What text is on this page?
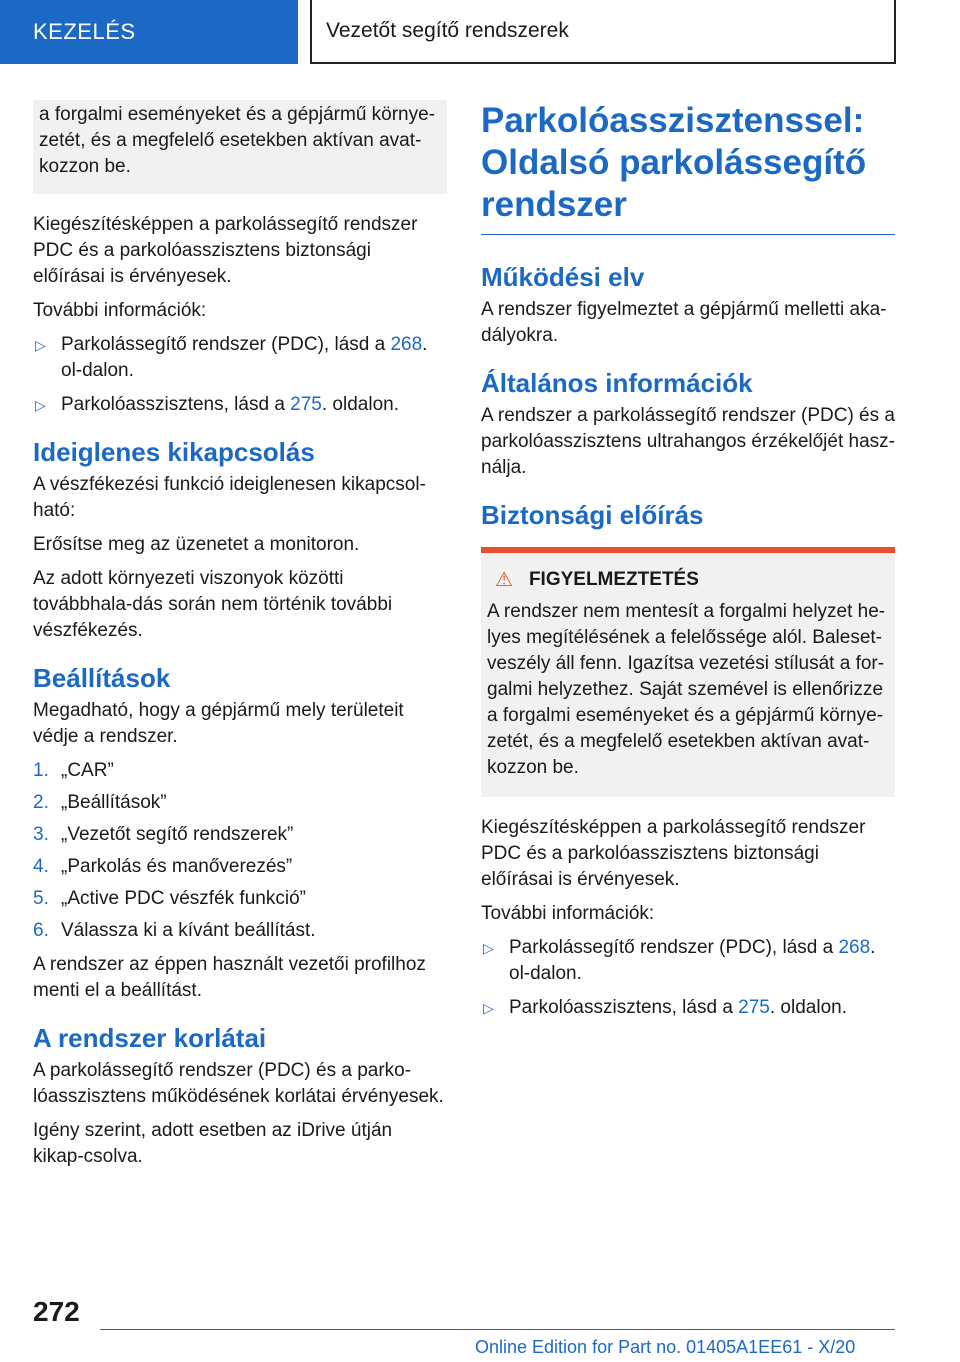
KEZELÉS	Vezetőt segítő rendszerek

a forgalmi eseményeket és a gépjármű környe-zetét, és a megfelelő esetekben aktívan avat-kozzon be.

Kiegészítésképpen a parkolássegítő rendszer PDC és a parkolóasszisztens biztonsági előírásai is érvényesek.

További információk:

▷ Parkolássegítő rendszer (PDC), lásd a 268. ol-dalon.
▷ Parkolóasszisztens, lásd a 275. oldalon.
Ideiglenes kikapcsolás

A vészfékezési funkció ideiglenesen kikapcsol-ható:

Erősítse meg az üzenetet a monitoron.

Az adott környezeti viszonyok közötti továbbhala-dás során nem történik további vészfékezés.

Beállítások

Megadható, hogy a gépjármű mely területeit védje a rendszer.

1. „CAR”
2. „Beállítások”
3. „Vezetőt segítő rendszerek”
4. „Parkolás és manőverezés”
5. „Active PDC vészfék funkció”
6. Válassza ki a kívánt beállítást.

A rendszer az éppen használt vezetői profilhoz menti el a beállítást.

A rendszer korlátai

A parkolássegítő rendszer (PDC) és a parko-lóasszisztens működésének korlátai érvényesek.

Igény szerint, adott esetben az iDrive útján kikap-csolva.

Parkolóasszisztenssel: Oldalsó parkolássegítő rendszer
Működési elv

A rendszer figyelmeztet a gépjármű melletti aka-dályokra.

Általános információk

A rendszer a parkolássegítő rendszer (PDC) és a parkolóasszisztens ultrahangos érzékelőjét hasz-nálja.

Biztonsági előírás
⚠ FIGYELMEZTETÉS

A rendszer nem mentesít a forgalmi helyzet he-lyes megítélésének a felelőssége alól. Baleset-veszély áll fenn. Igazítsa vezetési stílusát a for-galmi helyzethez. Saját szemével is ellenőrizze a forgalmi eseményeket és a gépjármű környe-zetét, és a megfelelő esetekben aktívan avat-kozzon be.

Kiegészítésképpen a parkolássegítő rendszer PDC és a parkolóasszisztens biztonsági előírásai is érvényesek.

További információk:

▷ Parkolássegítő rendszer (PDC), lásd a 268. ol-dalon.
▷ Parkolóasszisztens, lásd a 275. oldalon.
272
Online Edition for Part no. 01405A1EE61 - X/20
